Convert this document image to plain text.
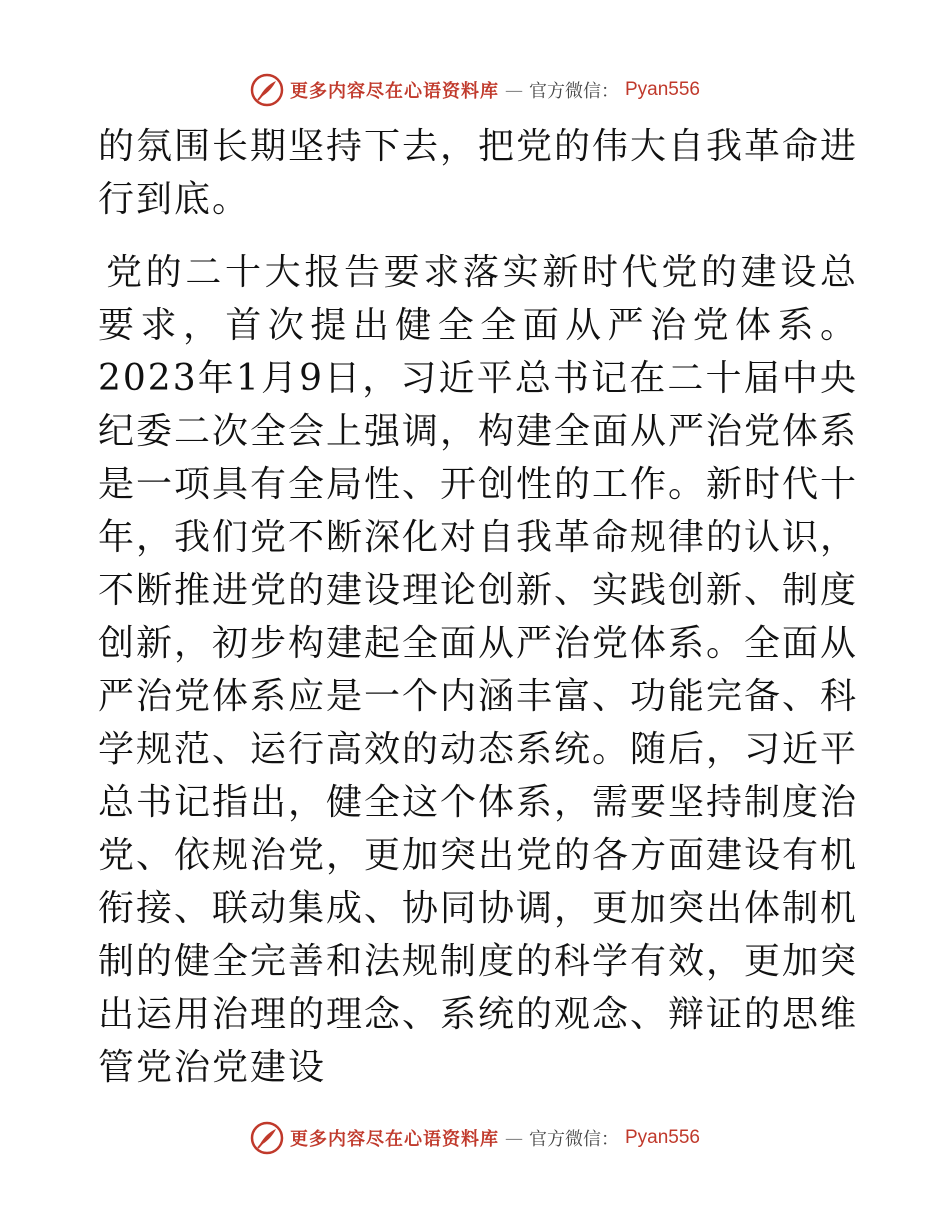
更多内容尽在心语资料库 — 官方微信： Pyan556

的氛围长期坚持下去，把党的伟大自我革命进行到底。

党的二十大报告要求落实新时代党的建设总要求，首次提出健全全面从严治党体系。2023年1月9日，习近平总书记在二十届中央纪委二次全会上强调，构建全面从严治党体系是一项具有全局性、开创性的工作。新时代十年，我们党不断深化对自我革命规律的认识，不断推进党的建设理论创新、实践创新、制度创新，初步构建起全面从严治党体系。全面从严治党体系应是一个内涵丰富、功能完备、科学规范、运行高效的动态系统。随后，习近平总书记指出，健全这个体系，需要坚持制度治党、依规治党，更加突出党的各方面建设有机衔接、联动集成、协同协调，更加突出体制机制的健全完善和法规制度的科学有效，更加突出运用治理的理念、系统的观念、辩证的思维管党治党建设

更多内容尽在心语资料库 — 官方微信： Pyan556
